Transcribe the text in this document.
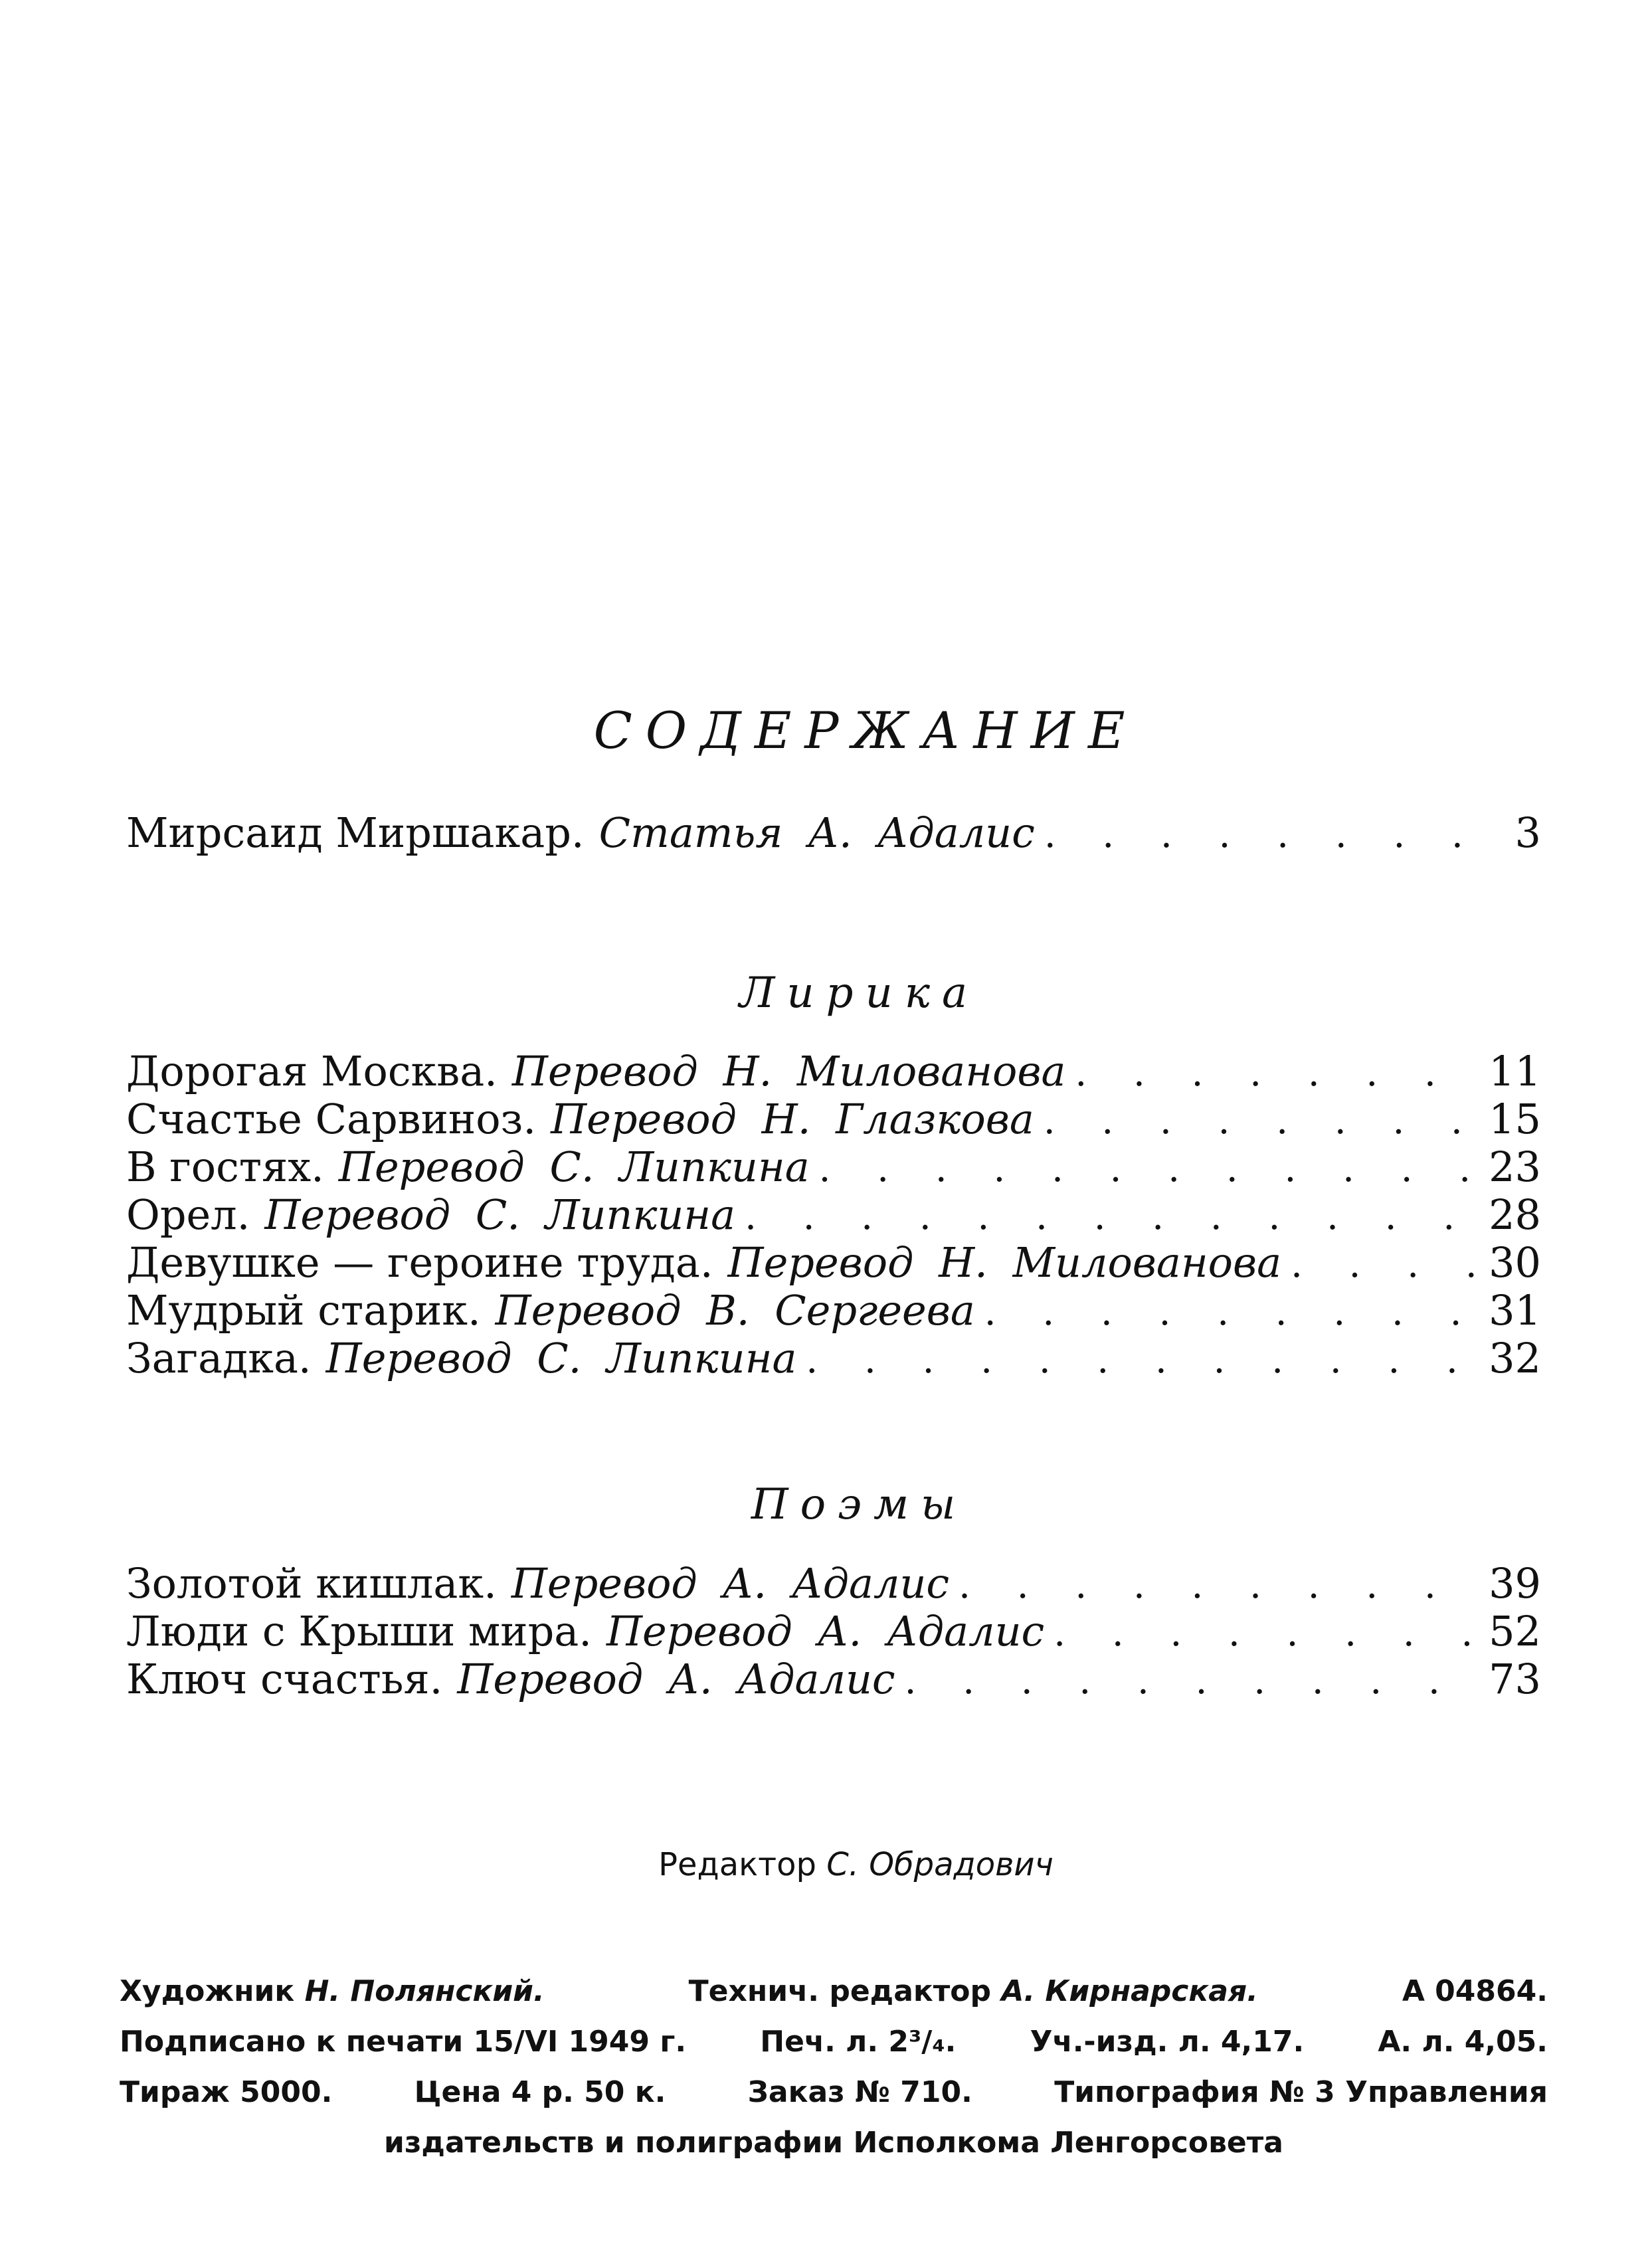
СОДЕРЖАНИЕ
Мирсаид Миршакар. Статья А. Адалис . . .	3
Лирика
Дорогая Москва. Перевод Н. Милованова . . .	11
Счастье Сарвиноз. Перевод Н. Глазкова . . .	15
В гостях. Перевод С. Липкина . . .	23
Орел. Перевод С. Липкина . . .	28
Девушке — героине труда. Перевод Н. Милованова . . .	30
Мудрый старик. Перевод В. Сергеева . . .	31
Загадка. Перевод С. Липкина . . .	32
Поэмы
Золотой кишлак. Перевод А. Адалис . . .	39
Люди с Крыши мира. Перевод А. Адалис . . .	52
Ключ счастья. Перевод А. Адалис . . .	73
Редактор С. Обрадович
Художник Н. Полянский.	Технич. редактор А. Кирнарская.	А 04864.
Подписано к печати 15/VI 1949 г.	Печ. л. 2³/₄.	Уч.-изд. л. 4,17.	А. л. 4,05.
Тираж 5000.	Цена 4 р. 50 к.	Заказ № 710.	Типография № 3 Управления
издательств и полиграфии Исполкома Ленгорсовета
